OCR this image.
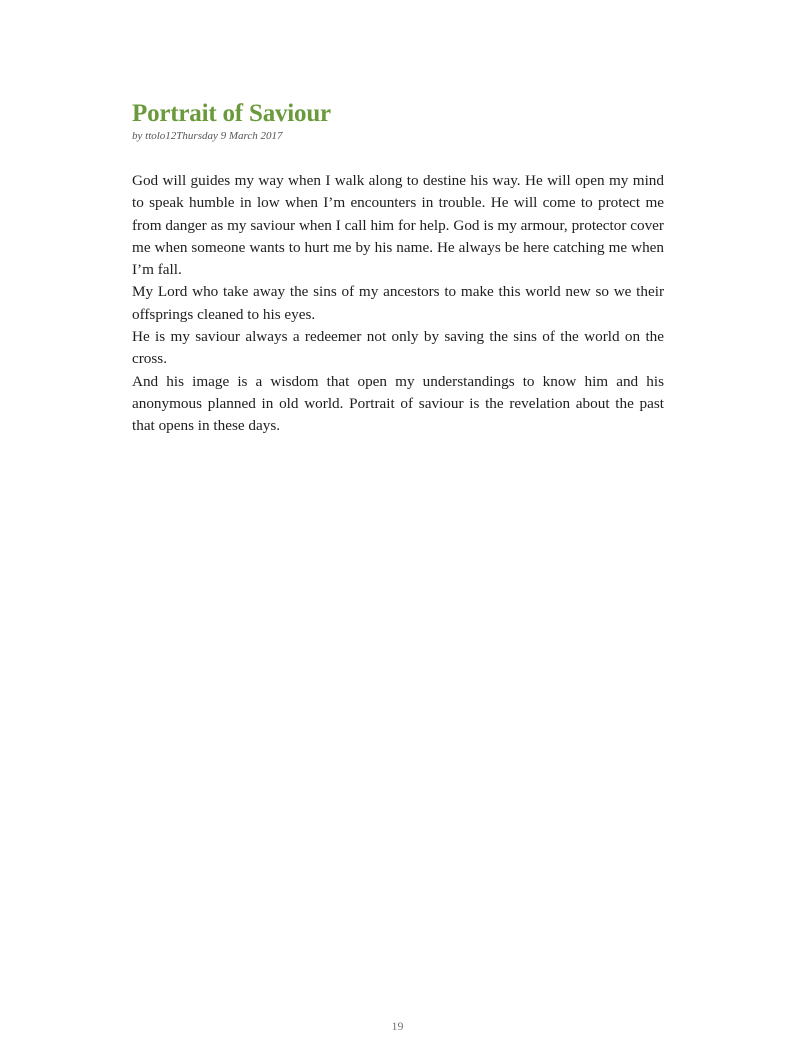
Portrait of Saviour
by ttolo12Thursday 9 March 2017

God will guides my way when I walk along to destine his way. He will open my mind to speak humble in low when I’m encounters in trouble. He will come to protect me from danger as my saviour when I call him for help. God is my armour, protector cover me when someone wants to hurt me by his name. He always be here catching me when I’m fall.

My Lord who take away the sins of my ancestors to make this world new so we their offsprings cleaned to his eyes.

He is my saviour always a redeemer not only by saving the sins of the world on the cross.

And his image is a wisdom that open my understandings to know him and his anonymous planned in old world. Portrait of saviour is the revelation about the past that opens in these days.

19
